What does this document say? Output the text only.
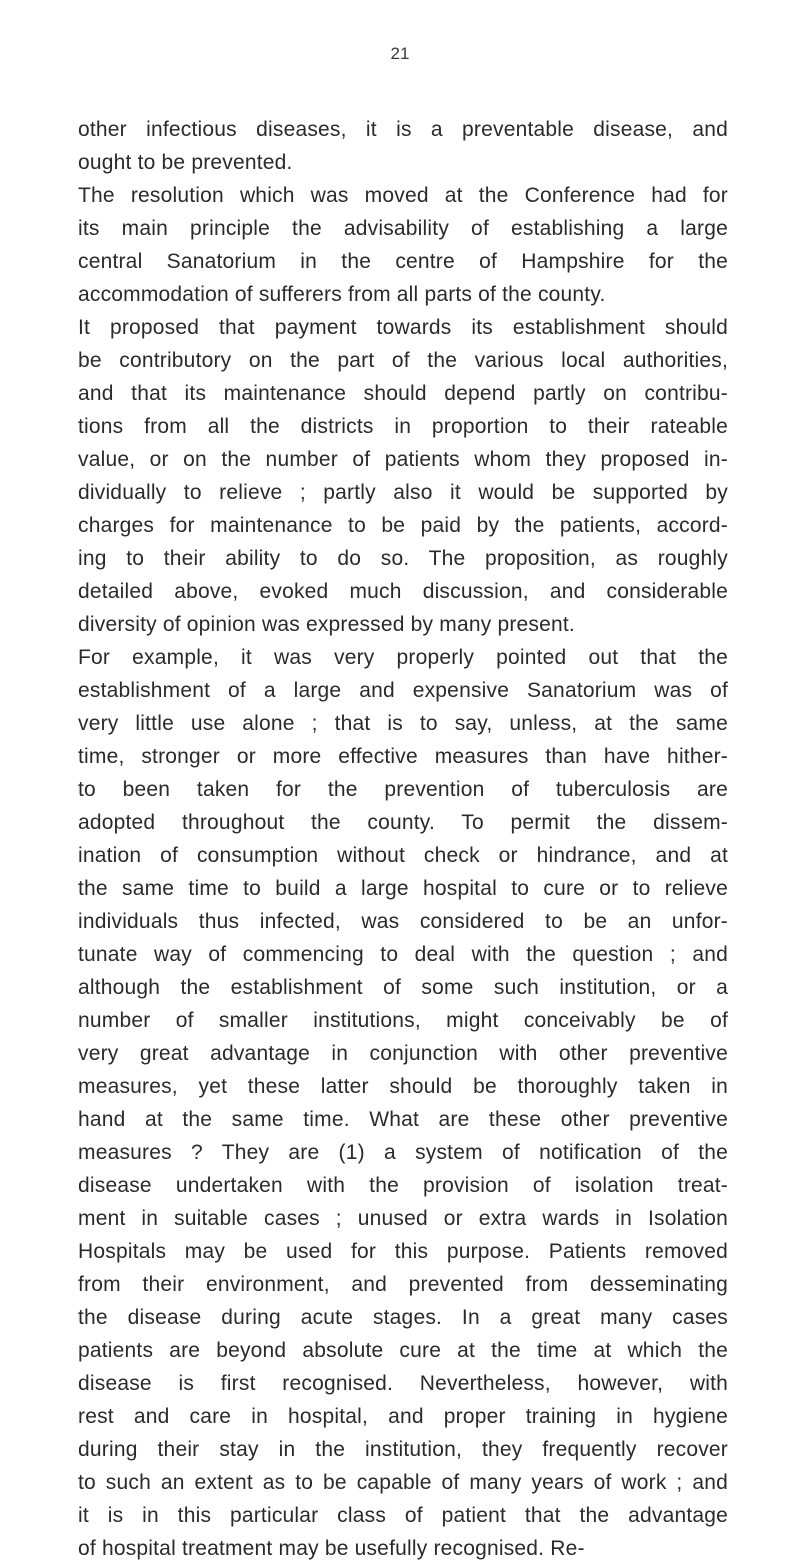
21
other infectious diseases, it is a preventable disease, and
ought to be prevented.
The resolution which was moved at the Conference had for
its main principle the advisability of establishing a large
central Sanatorium in the centre of Hampshire for the
accommodation of sufferers from all parts of the county.
It proposed that payment towards its establishment should
be contributory on the part of the various local authorities,
and that its maintenance should depend partly on contribu-
tions from all the districts in proportion to their rateable
value, or on the number of patients whom they proposed in-
dividually to relieve ; partly also it would be supported by
charges for maintenance to be paid by the patients, accord-
ing to their ability to do so. The proposition, as roughly
detailed above, evoked much discussion, and considerable
diversity of opinion was expressed by many present.
For example, it was very properly pointed out that the
establishment of a large and expensive Sanatorium was of
very little use alone ; that is to say, unless, at the same
time, stronger or more effective measures than have hither-
to been taken for the prevention of tuberculosis are
adopted throughout the county. To permit the dissem-
ination of consumption without check or hindrance, and at
the same time to build a large hospital to cure or to relieve
individuals thus infected, was considered to be an unfor-
tunate way of commencing to deal with the question ; and
although the establishment of some such institution, or a
number of smaller institutions, might conceivably be of
very great advantage in conjunction with other preventive
measures, yet these latter should be thoroughly taken in
hand at the same time. What are these other preventive
measures ? They are (1) a system of notification of the
disease undertaken with the provision of isolation treat-
ment in suitable cases ; unused or extra wards in Isolation
Hospitals may be used for this purpose. Patients removed
from their environment, and prevented from desseminating
the disease during acute stages. In a great many cases
patients are beyond absolute cure at the time at which the
disease is first recognised. Nevertheless, however, with
rest and care in hospital, and proper training in hygiene
during their stay in the institution, they frequently recover
to such an extent as to be capable of many years of work ; and
it is in this particular class of patient that the advantage
of hospital treatment may be usefully recognised. Re-
